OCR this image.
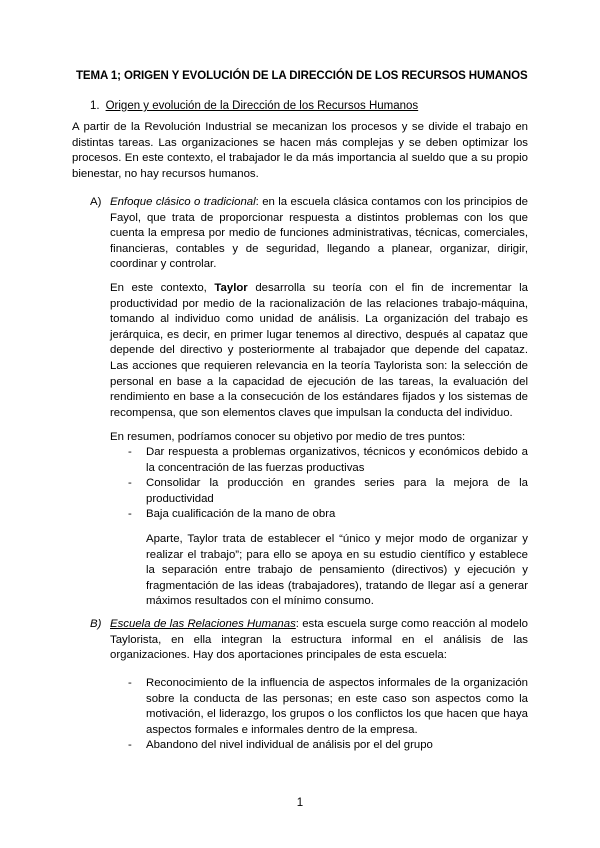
TEMA 1; ORIGEN Y EVOLUCIÓN DE LA DIRECCIÓN DE LOS RECURSOS HUMANOS
1. Origen y evolución de la Dirección de los Recursos Humanos
A partir de la Revolución Industrial se mecanizan los procesos y se divide el trabajo en distintas tareas. Las organizaciones se hacen más complejas y se deben optimizar los procesos. En este contexto, el trabajador le da más importancia al sueldo que a su propio bienestar, no hay recursos humanos.
A) Enfoque clásico o tradicional: en la escuela clásica contamos con los principios de Fayol, que trata de proporcionar respuesta a distintos problemas con los que cuenta la empresa por medio de funciones administrativas, técnicas, comerciales, financieras, contables y de seguridad, llegando a planear, organizar, dirigir, coordinar y controlar.
En este contexto, Taylor desarrolla su teoría con el fin de incrementar la productividad por medio de la racionalización de las relaciones trabajo-máquina, tomando al individuo como unidad de análisis. La organización del trabajo es jerárquica, es decir, en primer lugar tenemos al directivo, después al capataz que depende del directivo y posteriormente al trabajador que depende del capataz. Las acciones que requieren relevancia en la teoría Taylorista son: la selección de personal en base a la capacidad de ejecución de las tareas, la evaluación del rendimiento en base a la consecución de los estándares fijados y los sistemas de recompensa, que son elementos claves que impulsan la conducta del individuo.
En resumen, podríamos conocer su objetivo por medio de tres puntos:
- Dar respuesta a problemas organizativos, técnicos y económicos debido a la concentración de las fuerzas productivas
- Consolidar la producción en grandes series para la mejora de la productividad
- Baja cualificación de la mano de obra
Aparte, Taylor trata de establecer el “único y mejor modo de organizar y realizar el trabajo”; para ello se apoya en su estudio científico y establece la separación entre trabajo de pensamiento (directivos) y ejecución y fragmentación de las ideas (trabajadores), tratando de llegar así a generar máximos resultados con el mínimo consumo.
B) Escuela de las Relaciones Humanas: esta escuela surge como reacción al modelo Taylorista, en ella integran la estructura informal en el análisis de las organizaciones. Hay dos aportaciones principales de esta escuela:
- Reconocimiento de la influencia de aspectos informales de la organización sobre la conducta de las personas; en este caso son aspectos como la motivación, el liderazgo, los grupos o los conflictos los que hacen que haya aspectos formales e informales dentro de la empresa.
- Abandono del nivel individual de análisis por el del grupo
1
